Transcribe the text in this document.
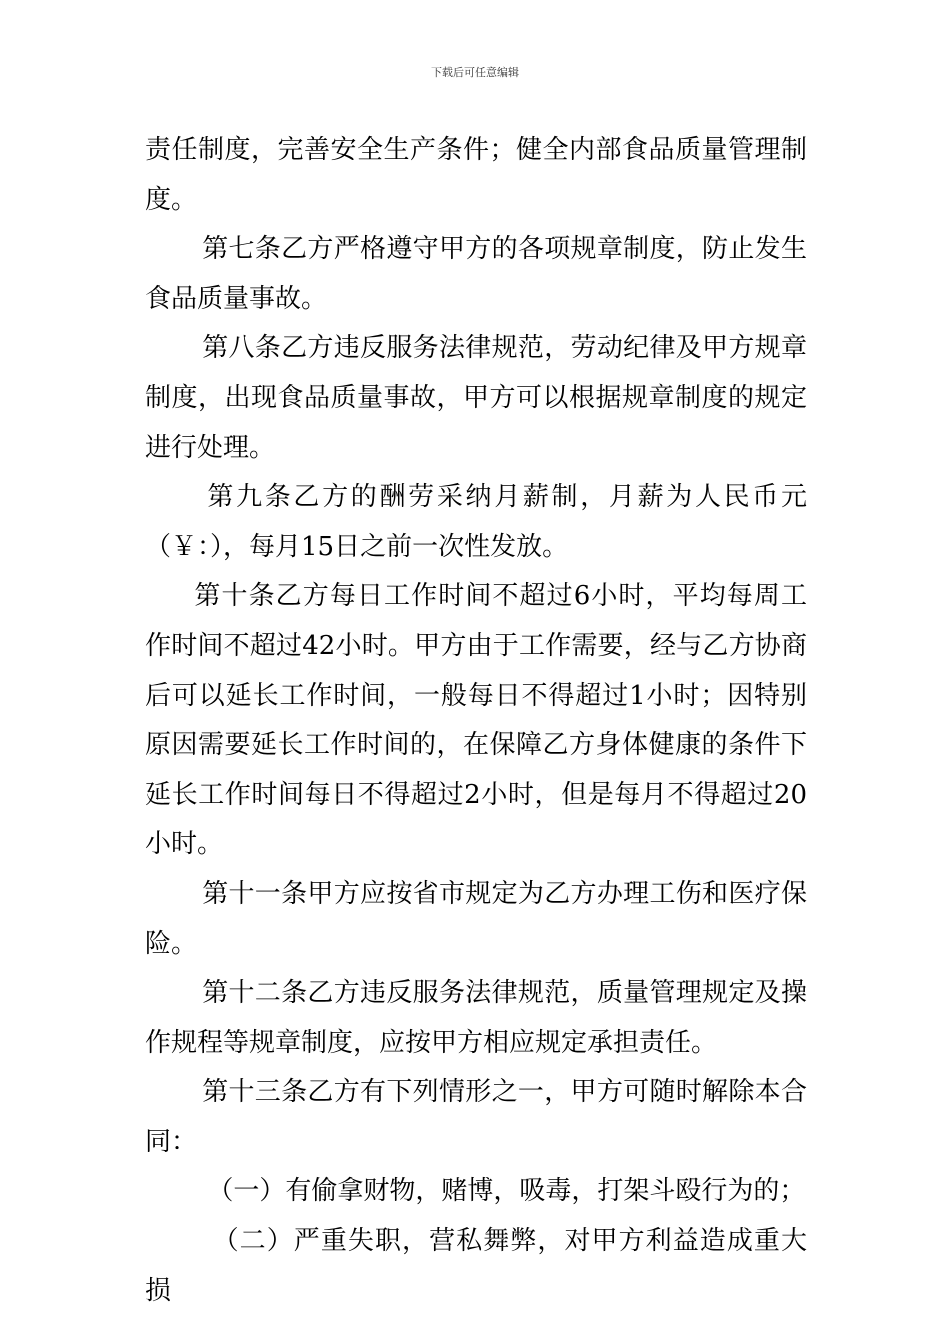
下载后可任意编辑

责任制度，完善安全生产条件；健全内部食品质量管理制度。

第七条乙方严格遵守甲方的各项规章制度，防止发生食品质量事故。

第八条乙方违反服务法律规范，劳动纪律及甲方规章制度，出现食品质量事故，甲方可以根据规章制度的规定进行处理。

第九条乙方的酬劳采纳月薪制，月薪为人民币元（￥：），每月15日之前一次性发放。

第十条乙方每日工作时间不超过6小时，平均每周工作时间不超过42小时。甲方由于工作需要，经与乙方协商后可以延长工作时间，一般每日不得超过1小时；因特别原因需要延长工作时间的，在保障乙方身体健康的条件下延长工作时间每日不得超过2小时，但是每月不得超过20小时。

第十一条甲方应按省市规定为乙方办理工伤和医疗保险。

第十二条乙方违反服务法律规范，质量管理规定及操作规程等规章制度，应按甲方相应规定承担责任。

第十三条乙方有下列情形之一，甲方可随时解除本合同：

（一）有偷拿财物，赌博，吸毒，打架斗殴行为的；

（二）严重失职，营私舞弊，对甲方利益造成重大损
